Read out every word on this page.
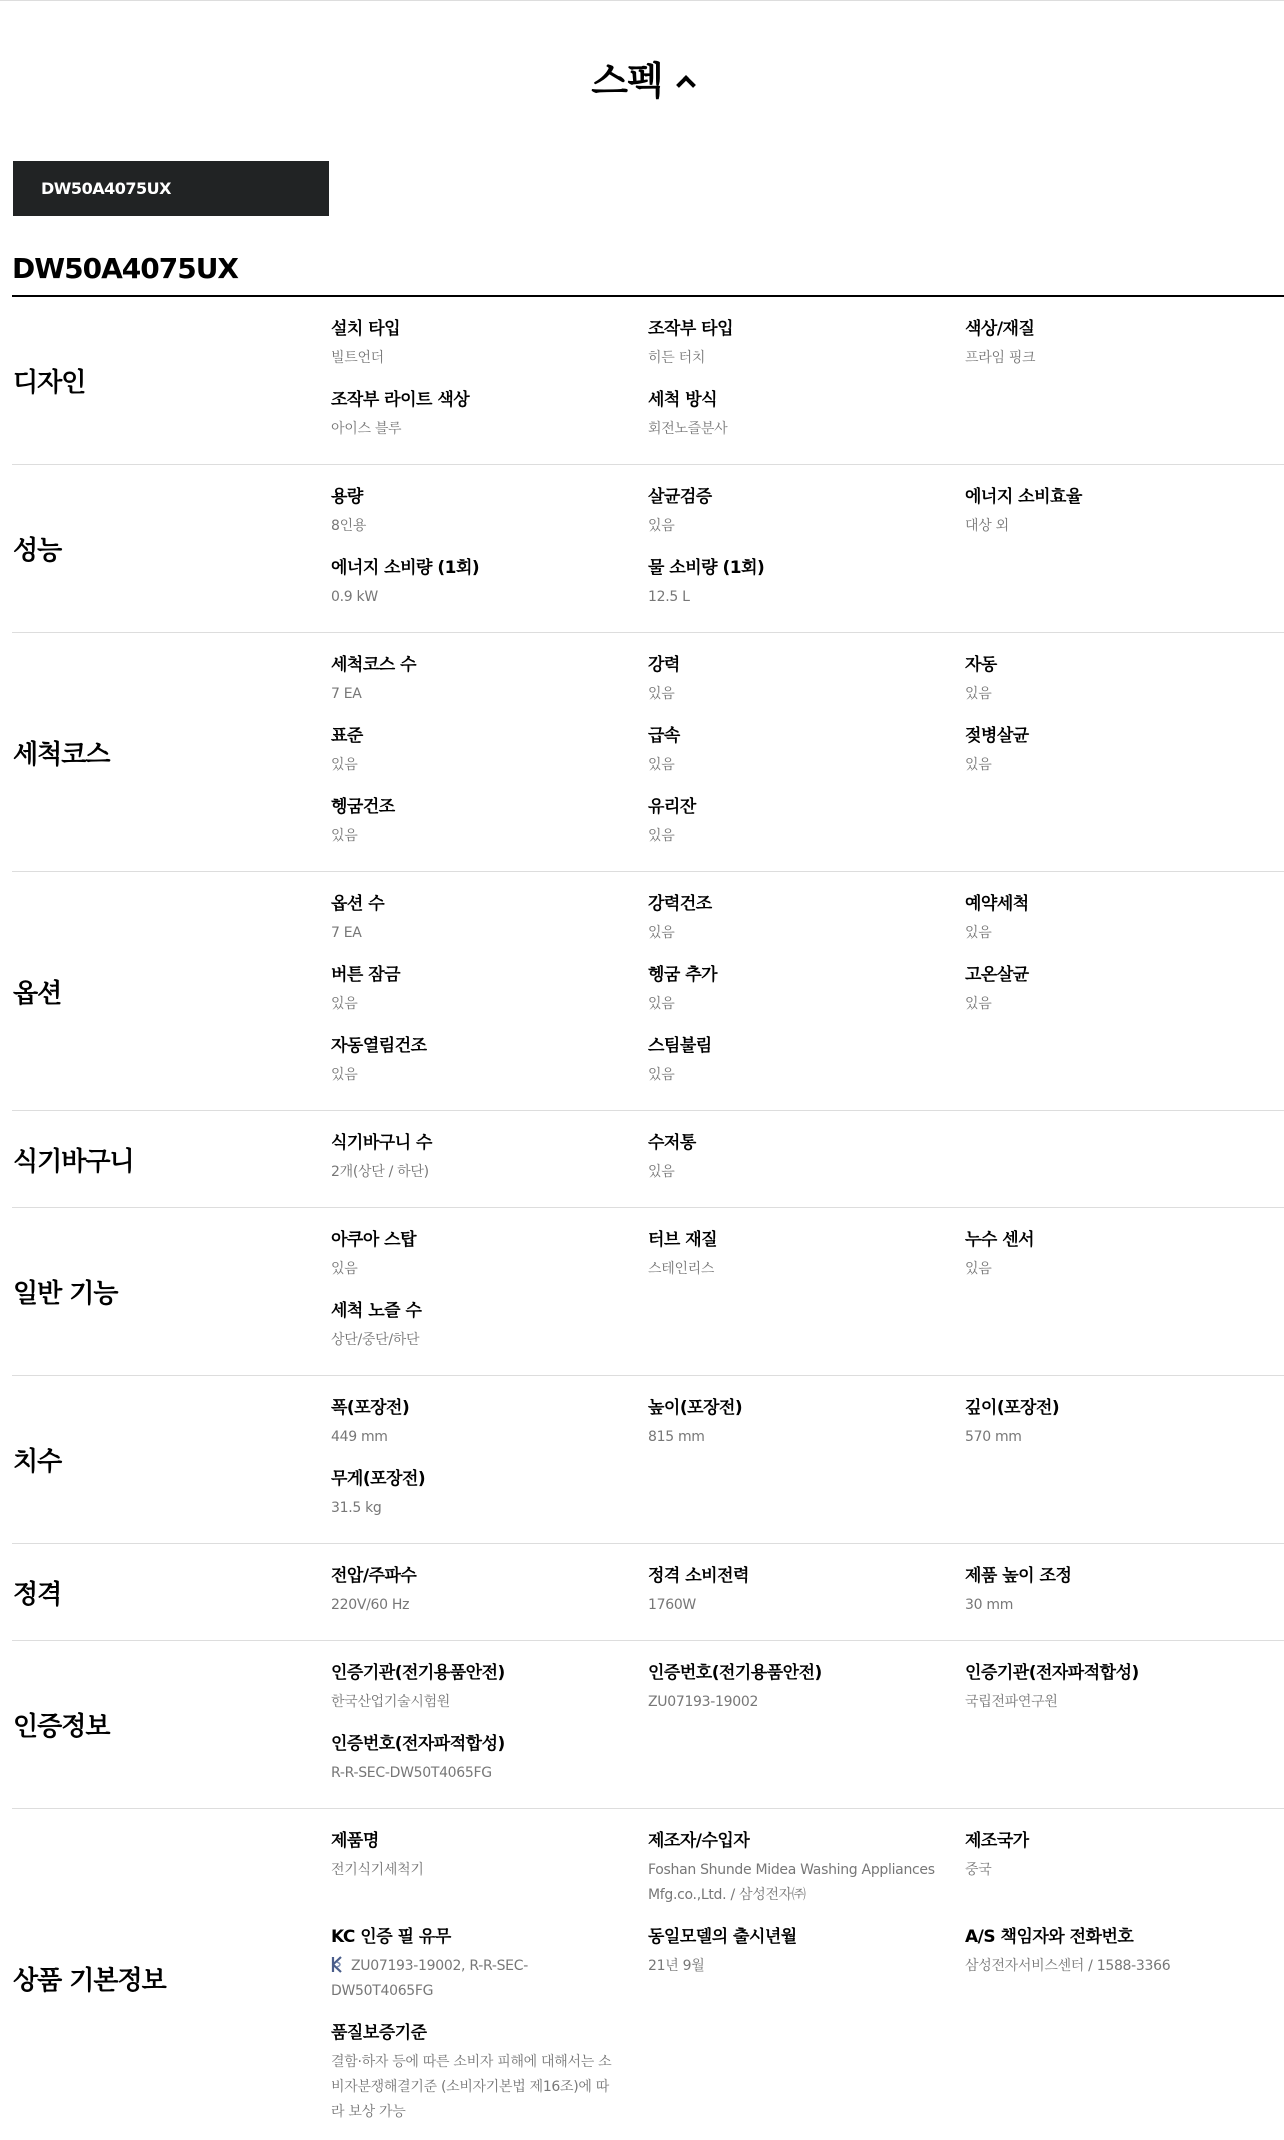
스펙
DW50A4075UX
DW50A4075UX
디자인
설치 타입
빌트언더
조작부 타입
히든 터치
색상/재질
프라임 핑크
조작부 라이트 색상
아이스 블루
세척 방식
회전노즐분사
성능
용량
8인용
살균검증
있음
에너지 소비효율
대상 외
에너지 소비량 (1회)
0.9 kW
물 소비량 (1회)
12.5 L
세척코스
세척코스 수
7 EA
강력
있음
자동
있음
표준
있음
급속
있음
젖병살균
있음
헹굼건조
있음
유리잔
있음
옵션
옵션 수
7 EA
강력건조
있음
예약세척
있음
버튼 잠금
있음
헹굼 추가
있음
고온살균
있음
자동열림건조
있음
스팀불림
있음
식기바구니
식기바구니 수
2개(상단 / 하단)
수저통
있음
일반 기능
아쿠아 스탑
있음
터브 재질
스테인리스
누수 센서
있음
세척 노즐 수
상단/중단/하단
치수
폭(포장전)
449 mm
높이(포장전)
815 mm
깊이(포장전)
570 mm
무게(포장전)
31.5 kg
정격
전압/주파수
220V/60 Hz
정격 소비전력
1760W
제품 높이 조정
30 mm
인증정보
인증기관(전기용품안전)
한국산업기술시험원
인증번호(전기용품안전)
ZU07193-19002
인증기관(전자파적합성)
국립전파연구원
인증번호(전자파적합성)
R-R-SEC-DW50T4065FG
상품 기본정보
제품명
전기식기세척기
제조자/수입자
Foshan Shunde Midea Washing Appliances Mfg.co.,Ltd. / 삼성전자㈜
제조국가
중국
KC 인증 필 유무
ZU07193-19002, R-R-SEC-DW50T4065FG
동일모델의 출시년월
21년 9월
A/S 책임자와 전화번호
삼성전자서비스센터 / 1588-3366
품질보증기준
결함·하자 등에 따른 소비자 피해에 대해서는 소비자분쟁해결기준 (소비자기본법 제16조)에 따라 보상 가능
